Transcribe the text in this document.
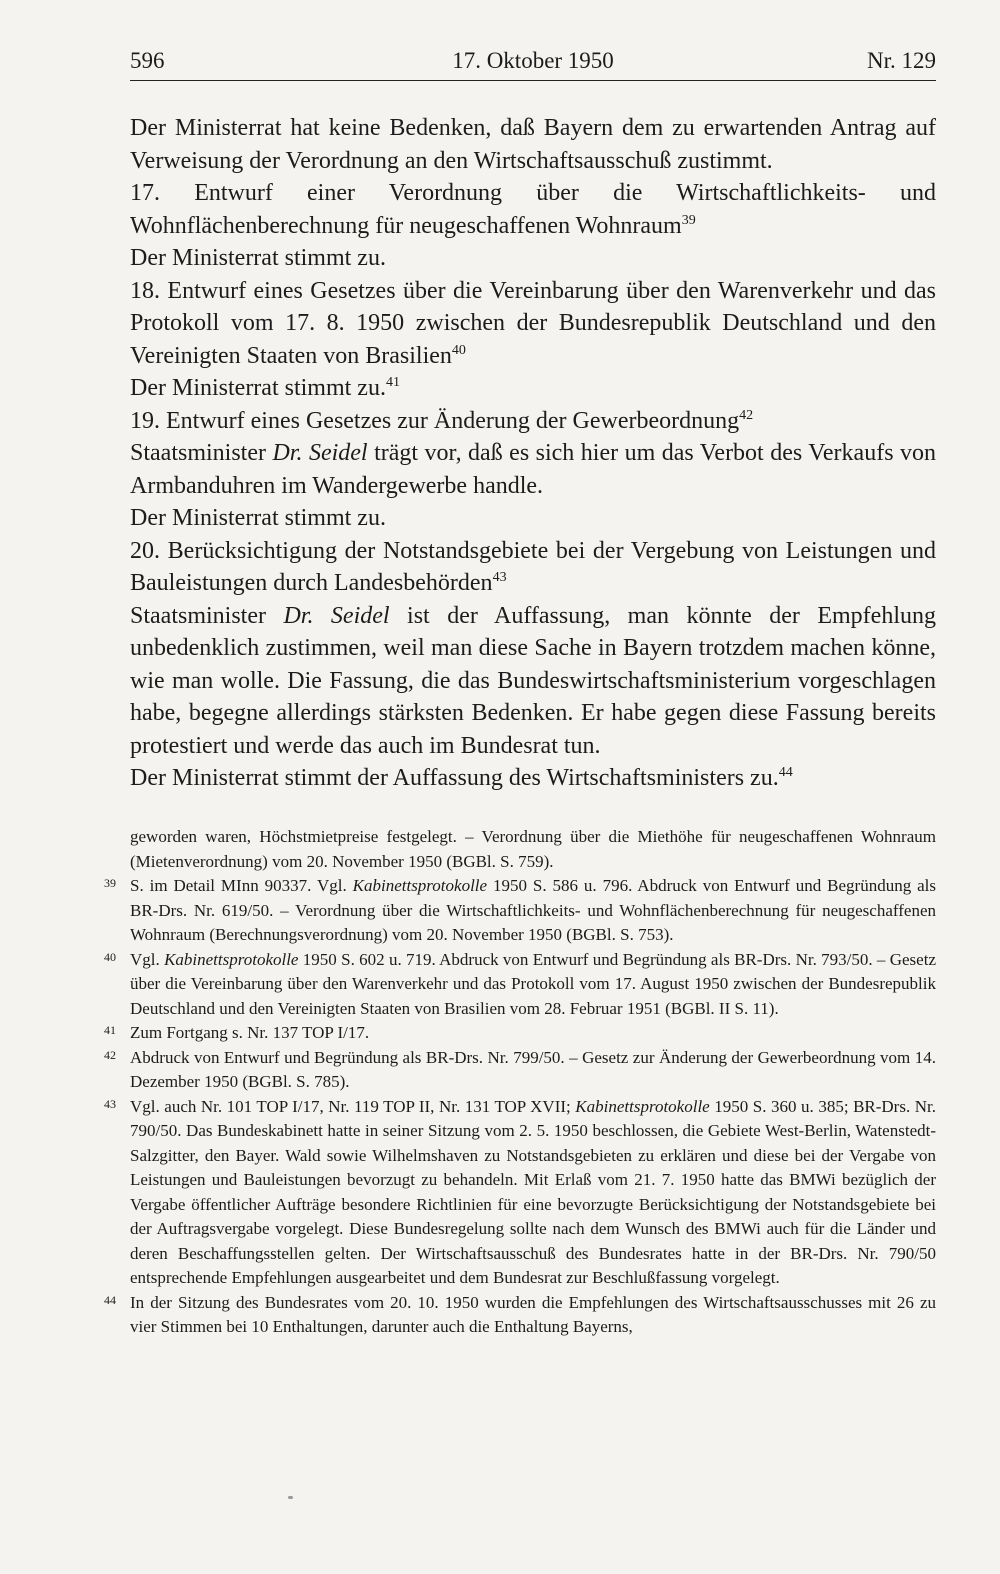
596	17. Oktober 1950	Nr. 129

Der Ministerrat hat keine Bedenken, daß Bayern dem zu erwartenden Antrag auf Verweisung der Verordnung an den Wirtschaftsausschuß zustimmt.

17. Entwurf einer Verordnung über die Wirtschaftlichkeits- und Wohnflächenberechnung für neugeschaffenen Wohnraum$^{39}$

Der Ministerrat stimmt zu.

18. Entwurf eines Gesetzes über die Vereinbarung über den Warenverkehr und das Protokoll vom 17. 8. 1950 zwischen der Bundesrepublik Deutschland und den Vereinigten Staaten von Brasilien$^{40}$

Der Ministerrat stimmt zu.$^{41}$

19. Entwurf eines Gesetzes zur Änderung der Gewerbeordnung$^{42}$

Staatsminister Dr. Seidel trägt vor, daß es sich hier um das Verbot des Verkaufs von Armbanduhren im Wandergewerbe handle.

Der Ministerrat stimmt zu.

20. Berücksichtigung der Notstandsgebiete bei der Vergebung von Leistungen und Bauleistungen durch Landesbehörden$^{43}$

Staatsminister Dr. Seidel ist der Auffassung, man könnte der Empfehlung unbedenklich zustimmen, weil man diese Sache in Bayern trotzdem machen könne, wie man wolle. Die Fassung, die das Bundeswirtschaftsministerium vorgeschlagen habe, begegne allerdings stärksten Bedenken. Er habe gegen diese Fassung bereits protestiert und werde das auch im Bundesrat tun.

Der Ministerrat stimmt der Auffassung des Wirtschaftsministers zu.$^{44}$

geworden waren, Höchstmietpreise festgelegt. – Verordnung über die Miethöhe für neugeschaffenen Wohnraum (Mietenverordnung) vom 20. November 1950 (BGBl. S. 759).

39 S. im Detail MInn 90337. Vgl. Kabinettsprotokolle 1950 S. 586 u. 796. Abdruck von Entwurf und Begründung als BR-Drs. Nr. 619/50. – Verordnung über die Wirtschaftlichkeits- und Wohnflächenberechnung für neugeschaffenen Wohnraum (Berechnungsverordnung) vom 20. November 1950 (BGBl. S. 753).

40 Vgl. Kabinettsprotokolle 1950 S. 602 u. 719. Abdruck von Entwurf und Begründung als BR-Drs. Nr. 793/50. – Gesetz über die Vereinbarung über den Warenverkehr und das Protokoll vom 17. August 1950 zwischen der Bundesrepublik Deutschland und den Vereinigten Staaten von Brasilien vom 28. Februar 1951 (BGBl. II S. 11).

41 Zum Fortgang s. Nr. 137 TOP I/17.

42 Abdruck von Entwurf und Begründung als BR-Drs. Nr. 799/50. – Gesetz zur Änderung der Gewerbeordnung vom 14. Dezember 1950 (BGBl. S. 785).

43 Vgl. auch Nr. 101 TOP I/17, Nr. 119 TOP II, Nr. 131 TOP XVII; Kabinettsprotokolle 1950 S. 360 u. 385; BR-Drs. Nr. 790/50. Das Bundeskabinett hatte in seiner Sitzung vom 2. 5. 1950 beschlossen, die Gebiete West-Berlin, Watenstedt-Salzgitter, den Bayer. Wald sowie Wilhelmshaven zu Notstandsgebieten zu erklären und diese bei der Vergabe von Leistungen und Bauleistungen bevorzugt zu behandeln. Mit Erlaß vom 21. 7. 1950 hatte das BMWi bezüglich der Vergabe öffentlicher Aufträge besondere Richtlinien für eine bevorzugte Berücksichtigung der Notstandsgebiete bei der Auftragsvergabe vorgelegt. Diese Bundesregelung sollte nach dem Wunsch des BMWi auch für die Länder und deren Beschaffungsstellen gelten. Der Wirtschaftsausschuß des Bundesrates hatte in der BR-Drs. Nr. 790/50 entsprechende Empfehlungen ausgearbeitet und dem Bundesrat zur Beschlußfassung vorgelegt.

44 In der Sitzung des Bundesrates vom 20. 10. 1950 wurden die Empfehlungen des Wirtschaftsausschusses mit 26 zu vier Stimmen bei 10 Enthaltungen, darunter auch die Enthaltung Bayerns,
